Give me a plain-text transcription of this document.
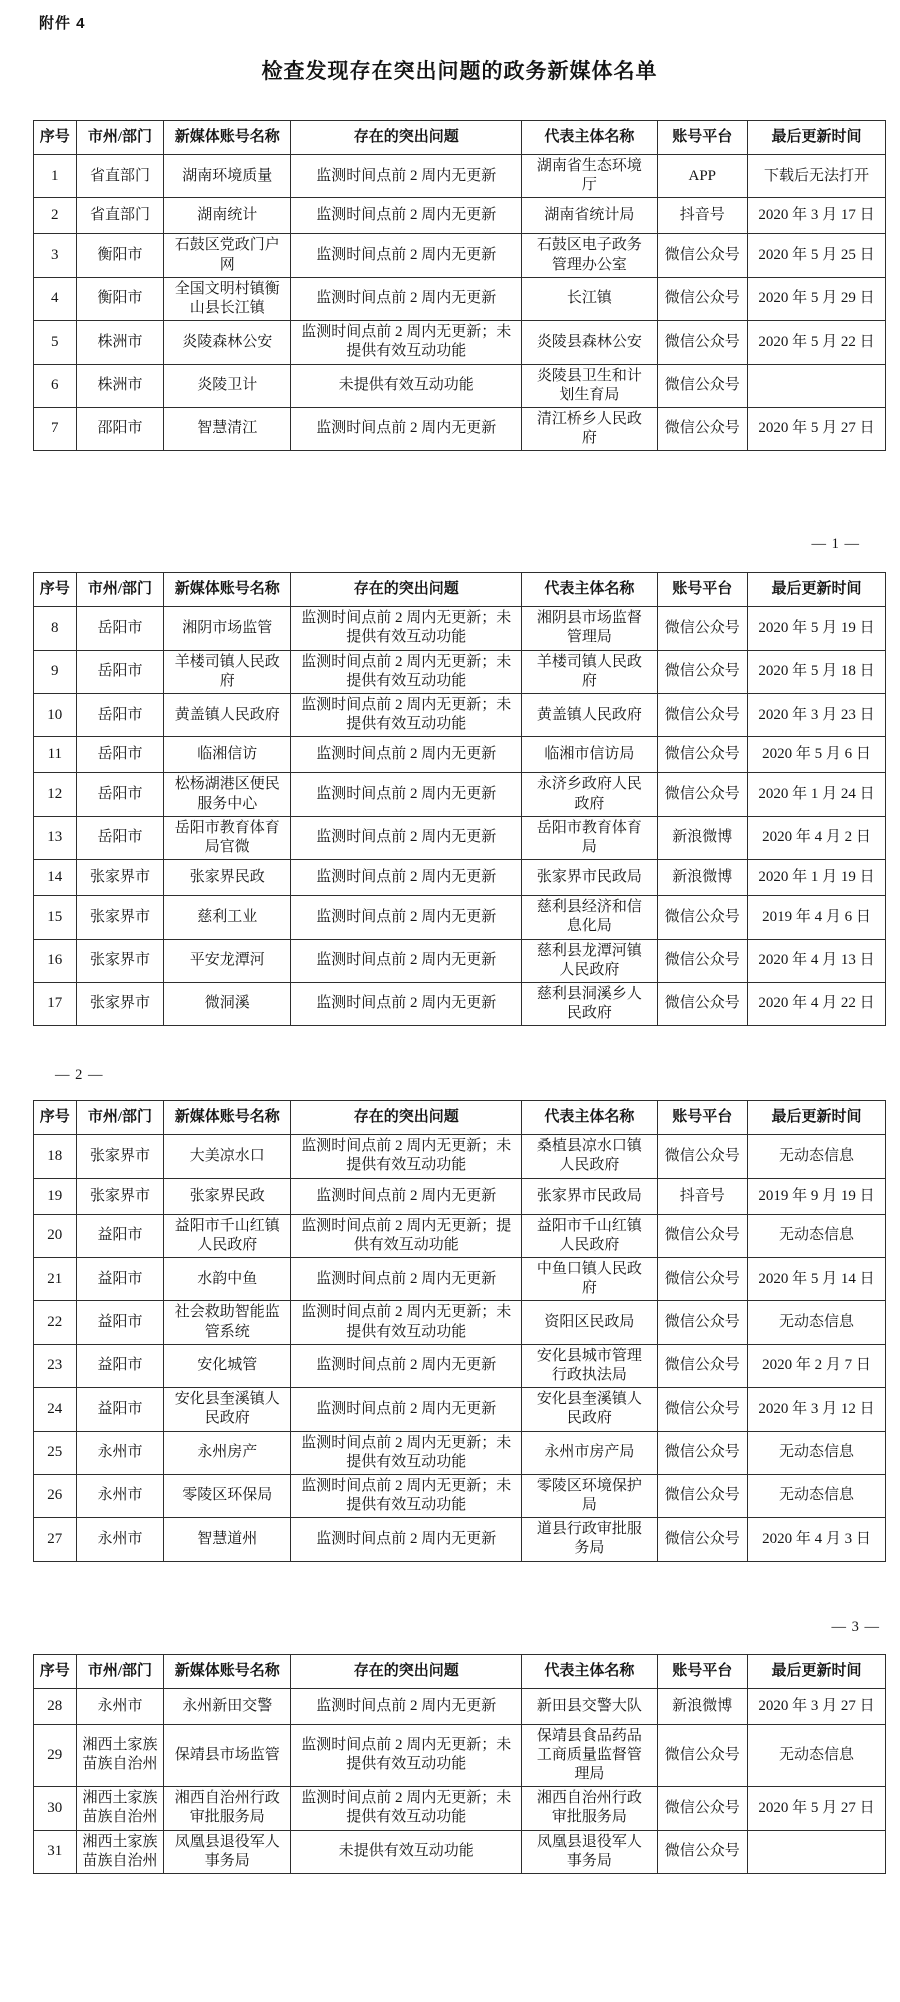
附件 4
检查发现存在突出问题的政务新媒体名单
序号	市州/部门	新媒体账号名称	存在的突出问题	代表主体名称	账号平台	最后更新时间
1	省直部门	湖南环境质量	监测时间点前 2 周内无更新	湖南省生态环境厅	APP	下载后无法打开
2	省直部门	湖南统计	监测时间点前 2 周内无更新	湖南省统计局	抖音号	2020 年 3 月 17 日
3	衡阳市	石鼓区党政门户网	监测时间点前 2 周内无更新	石鼓区电子政务管理办公室	微信公众号	2020 年 5 月 25 日
4	衡阳市	全国文明村镇衡山县长江镇	监测时间点前 2 周内无更新	长江镇	微信公众号	2020 年 5 月 29 日
5	株洲市	炎陵森林公安	监测时间点前 2 周内无更新；未提供有效互动功能	炎陵县森林公安	微信公众号	2020 年 5 月 22 日
6	株洲市	炎陵卫计	未提供有效互动功能	炎陵县卫生和计划生育局	微信公众号	
7	邵阳市	智慧清江	监测时间点前 2 周内无更新	清江桥乡人民政府	微信公众号	2020 年 5 月 27 日
— 1 —
序号	市州/部门	新媒体账号名称	存在的突出问题	代表主体名称	账号平台	最后更新时间
8	岳阳市	湘阴市场监管	监测时间点前 2 周内无更新；未提供有效互动功能	湘阴县市场监督管理局	微信公众号	2020 年 5 月 19 日
9	岳阳市	羊楼司镇人民政府	监测时间点前 2 周内无更新；未提供有效互动功能	羊楼司镇人民政府	微信公众号	2020 年 5 月 18 日
10	岳阳市	黄盖镇人民政府	监测时间点前 2 周内无更新；未提供有效互动功能	黄盖镇人民政府	微信公众号	2020 年 3 月 23 日
11	岳阳市	临湘信访	监测时间点前 2 周内无更新	临湘市信访局	微信公众号	2020 年 5 月 6 日
12	岳阳市	松杨湖港区便民服务中心	监测时间点前 2 周内无更新	永济乡政府人民政府	微信公众号	2020 年 1 月 24 日
13	岳阳市	岳阳市教育体育局官微	监测时间点前 2 周内无更新	岳阳市教育体育局	新浪微博	2020 年 4 月 2 日
14	张家界市	张家界民政	监测时间点前 2 周内无更新	张家界市民政局	新浪微博	2020 年 1 月 19 日
15	张家界市	慈利工业	监测时间点前 2 周内无更新	慈利县经济和信息化局	微信公众号	2019 年 4 月 6 日
16	张家界市	平安龙潭河	监测时间点前 2 周内无更新	慈利县龙潭河镇人民政府	微信公众号	2020 年 4 月 13 日
17	张家界市	微洞溪	监测时间点前 2 周内无更新	慈利县洞溪乡人民政府	微信公众号	2020 年 4 月 22 日
— 2 —
序号	市州/部门	新媒体账号名称	存在的突出问题	代表主体名称	账号平台	最后更新时间
18	张家界市	大美凉水口	监测时间点前 2 周内无更新；未提供有效互动功能	桑植县凉水口镇人民政府	微信公众号	无动态信息
19	张家界市	张家界民政	监测时间点前 2 周内无更新	张家界市民政局	抖音号	2019 年 9 月 19 日
20	益阳市	益阳市千山红镇人民政府	监测时间点前 2 周内无更新；提供有效互动功能	益阳市千山红镇人民政府	微信公众号	无动态信息
21	益阳市	水韵中鱼	监测时间点前 2 周内无更新	中鱼口镇人民政府	微信公众号	2020 年 5 月 14 日
22	益阳市	社会救助智能监管系统	监测时间点前 2 周内无更新；未提供有效互动功能	资阳区民政局	微信公众号	无动态信息
23	益阳市	安化城管	监测时间点前 2 周内无更新	安化县城市管理行政执法局	微信公众号	2020 年 2 月 7 日
24	益阳市	安化县奎溪镇人民政府	监测时间点前 2 周内无更新	安化县奎溪镇人民政府	微信公众号	2020 年 3 月 12 日
25	永州市	永州房产	监测时间点前 2 周内无更新；未提供有效互动功能	永州市房产局	微信公众号	无动态信息
26	永州市	零陵区环保局	监测时间点前 2 周内无更新；未提供有效互动功能	零陵区环境保护局	微信公众号	无动态信息
27	永州市	智慧道州	监测时间点前 2 周内无更新	道县行政审批服务局	微信公众号	2020 年 4 月 3 日
— 3 —
序号	市州/部门	新媒体账号名称	存在的突出问题	代表主体名称	账号平台	最后更新时间
28	永州市	永州新田交警	监测时间点前 2 周内无更新	新田县交警大队	新浪微博	2020 年 3 月 27 日
29	湘西土家族苗族自治州	保靖县市场监管	监测时间点前 2 周内无更新；未提供有效互动功能	保靖县食品药品工商质量监督管理局	微信公众号	无动态信息
30	湘西土家族苗族自治州	湘西自治州行政审批服务局	监测时间点前 2 周内无更新；未提供有效互动功能	湘西自治州行政审批服务局	微信公众号	2020 年 5 月 27 日
31	湘西土家族苗族自治州	凤凰县退役军人事务局	未提供有效互动功能	凤凰县退役军人事务局	微信公众号	
